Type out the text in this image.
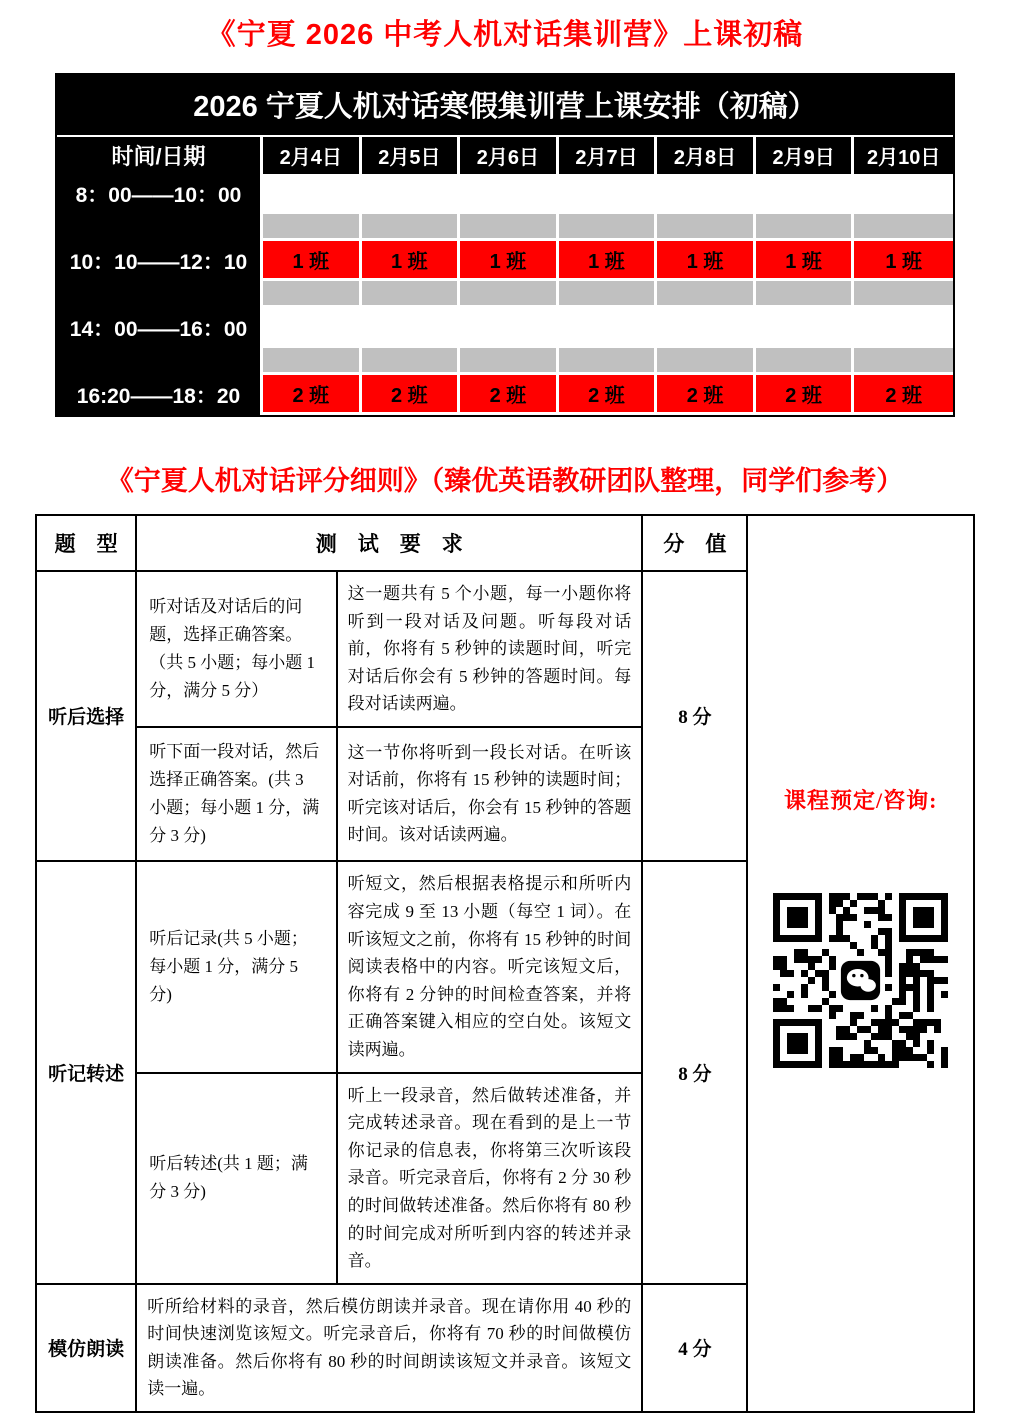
《宁夏 2026 中考人机对话集训营》上课初稿
2026 宁夏人机对话寒假集训营上课安排（初稿）
时间/日期	2月4日	2月5日	2月6日	2月7日	2月8日	2月9日	2月10日
8：00——10：00							

10：10——12：10	1 班	1 班	1 班	1 班	1 班	1 班	1 班

14：00——16：00							

16:20——18：20	2 班	2 班	2 班	2 班	2 班	2 班	2 班
《宁夏人机对话评分细则》（臻优英语教研团队整理，同学们参考）
题　型	测　试　要　求		分　值	课程预定/咨询:

听后选择	听对话及对话后的问题，选择正确答案。（共 5 小题；每小题 1 分，满分 5 分）	这一题共有 5 个小题，每一小题你将听到一段对话及问题。听每段对话前，你将有 5 秒钟的读题时间，听完对话后你会有 5 秒钟的答题时间。每段对话读两遍。	8 分	
	听下面一段对话，然后选择正确答案。(共 3 小题；每小题 1 分，满分 3 分)	这一节你将听到一段长对话。在听该对话前，你将有 15 秒钟的读题时间；听完该对话后，你会有 15 秒钟的答题时间。该对话读两遍。		
听记转述	听后记录(共 5 小题；每小题 1 分，满分 5 分)	听短文，然后根据表格提示和所听内容完成 9 至 13 小题（每空 1 词）。在听该短文之前，你将有 15 秒钟的时间阅读表格中的内容。听完该短文后，你将有 2 分钟的时间检查答案，并将正确答案键入相应的空白处。该短文读两遍。	8 分	
	听后转述(共 1 题；满分 3 分)	听上一段录音，然后做转述准备，并完成转述录音。现在看到的是上一节你记录的信息表，你将第三次听该段录音。听完录音后，你将有 2 分 30 秒的时间做转述准备。然后你将有 80 秒的时间完成对所听到内容的转述并录音。		
模仿朗读	听所给材料的录音，然后模仿朗读并录音。现在请你用 40 秒的时间快速浏览该短文。听完录音后，你将有 70 秒的时间做模仿朗读准备。然后你将有 80 秒的时间朗读该短文并录音。该短文读一遍。		4 分	
